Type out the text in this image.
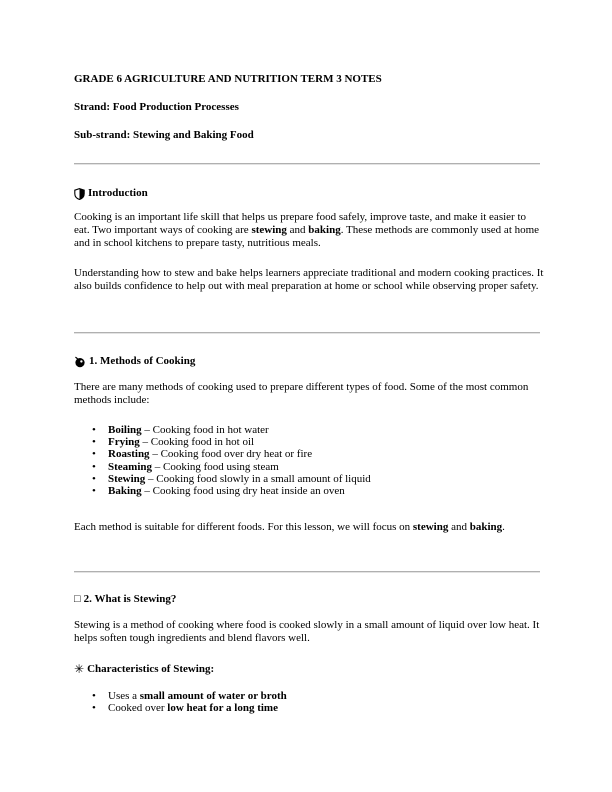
GRADE 6 AGRICULTURE AND NUTRITION TERM 3 NOTES
Strand: Food Production Processes
Sub-strand: Stewing and Baking Food
Introduction

Cooking is an important life skill that helps us prepare food safely, improve taste, and make it easier to eat. Two important ways of cooking are stewing and baking. These methods are commonly used at home and in school kitchens to prepare tasty, nutritious meals.

Understanding how to stew and bake helps learners appreciate traditional and modern cooking practices. It also builds confidence to help out with meal preparation at home or school while observing proper safety.

1. Methods of Cooking

There are many methods of cooking used to prepare different types of food. Some of the most common methods include:

• Boiling – Cooking food in hot water
• Frying – Cooking food in hot oil
• Roasting – Cooking food over dry heat or fire
• Steaming – Cooking food using steam
• Stewing – Cooking food slowly in a small amount of liquid
• Baking – Cooking food using dry heat inside an oven

Each method is suitable for different foods. For this lesson, we will focus on stewing and baking.

□ 2. What is Stewing?

Stewing is a method of cooking where food is cooked slowly in a small amount of liquid over low heat. It helps soften tough ingredients and blend flavors well.

✳ Characteristics of Stewing:
• Uses a small amount of water or broth
• Cooked over low heat for a long time
